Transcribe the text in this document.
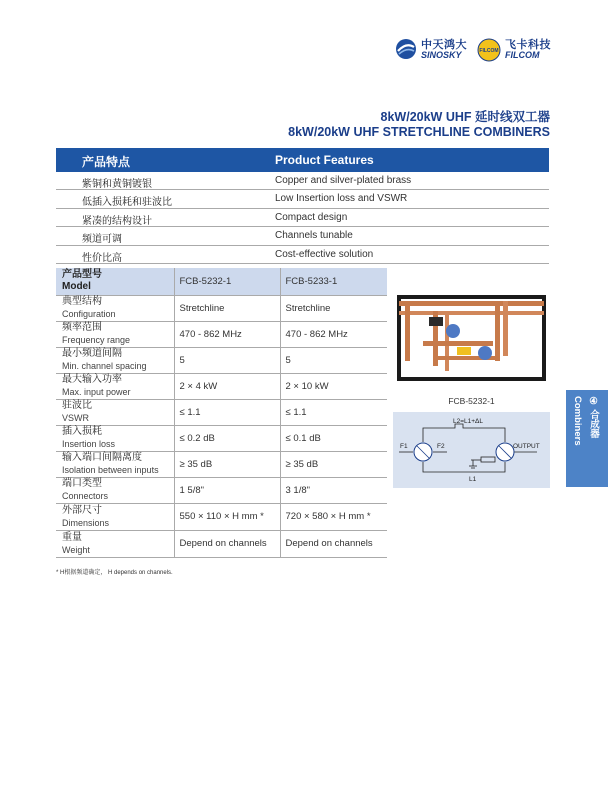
中天鸿大
SINOSKY	FILCOM 飞卡科技
FILCOM
8kW/20kW UHF 延时线双工器
8kW/20kW UHF STRETCHLINE COMBINERS
产品特点	Product Features
紫铜和黄铜镀银	Copper and silver-plated brass
低插入损耗和驻波比	Low Insertion loss and VSWR
紧凑的结构设计	Compact design
频道可调	Channels tunable
性价比高	Cost-effective solution
产品型号
Model	FCB-5232-1	FCB-5233-1

典型结构
Configuration	Stretchline	Stretchline

频率范围
Frequency range	470 - 862 MHz	470 - 862 MHz

最小频道间隔
Min. channel spacing	5	5

最大输入功率
Max. input power	2 × 4 kW	2 × 10 kW

驻波比
VSWR	≤ 1.1	≤ 1.1

插入损耗
Insertion loss	≤ 0.2 dB	≤ 0.1 dB

输入端口间隔离度
Isolation between inputs	≥ 35 dB	≥ 35 dB

端口类型
Connectors	1 5/8"	3 1/8"

外部尺寸
Dimensions	550 × 110 × H mm *	720 × 580 × H mm *

重量
Weight	Depend on channels	Depend on channels
FCB-5232-1
L2=L1+ΔL
F1	F2	OUTPUT
L1
Combiners ④ 合成器
* H根据频道确定， H depends on channels.
